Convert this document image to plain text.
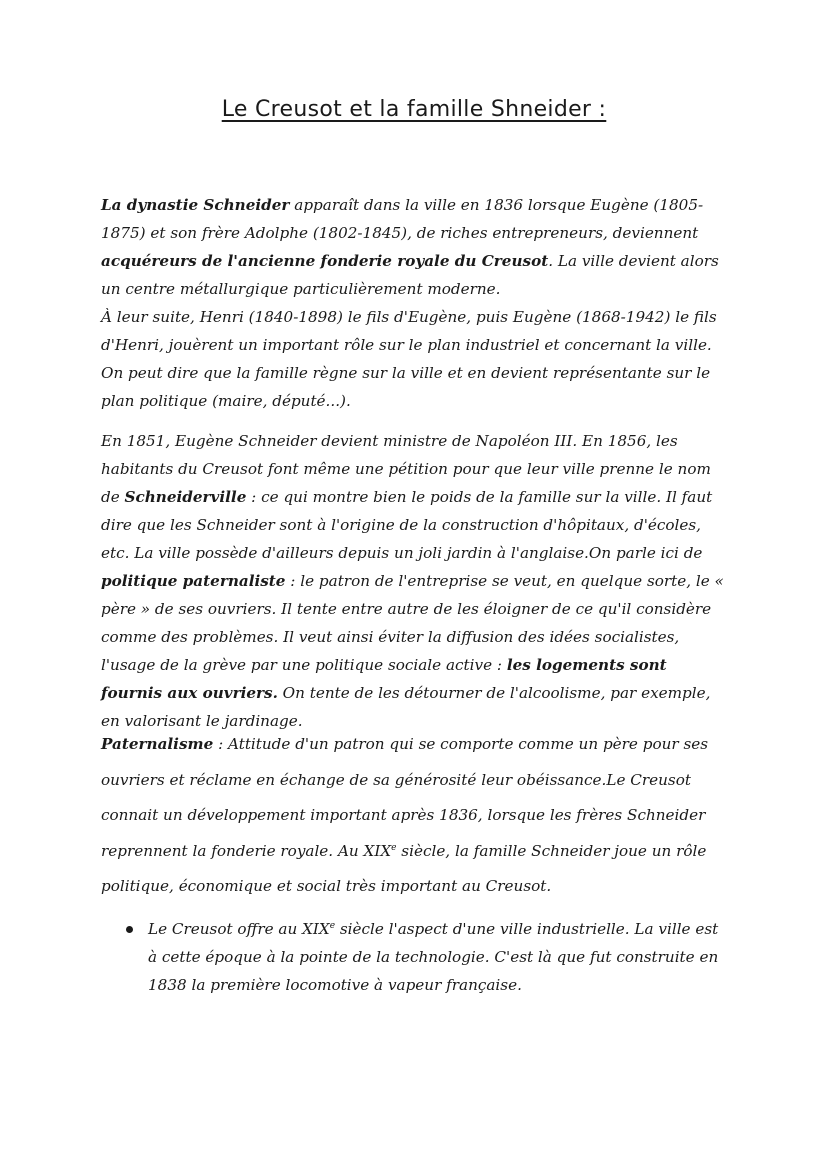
Le Creusot et la famille Shneider :

La dynastie Schneider apparaît dans la ville en 1836 lorsque Eugène (1805-1875) et son frère Adolphe (1802-1845), de riches entrepreneurs, deviennent acquéreurs de l'ancienne fonderie royale du Creusot. La ville devient alors un centre métallurgique particulièrement moderne.

À leur suite, Henri (1840-1898) le fils d'Eugène, puis Eugène (1868-1942) le fils d'Henri, jouèrent un important rôle sur le plan industriel et concernant la ville. On peut dire que la famille règne sur la ville et en devient représentante sur le plan politique (maire, député...).

En 1851, Eugène Schneider devient ministre de Napoléon III. En 1856, les habitants du Creusot font même une pétition pour que leur ville prenne le nom de Schneiderville : ce qui montre bien le poids de la famille sur la ville. Il faut dire que les Schneider sont à l'origine de la construction d'hôpitaux, d'écoles, etc. La ville possède d'ailleurs depuis un joli jardin à l'anglaise.On parle ici de politique paternaliste : le patron de l'entreprise se veut, en quelque sorte, le « père » de ses ouvriers. Il tente entre autre de les éloigner de ce qu'il considère comme des problèmes. Il veut ainsi éviter la diffusion des idées socialistes, l'usage de la grève par une politique sociale active : les logements sont fournis aux ouvriers. On tente de les détourner de l'alcoolisme, par exemple, en valorisant le jardinage.

Paternalisme : Attitude d'un patron qui se comporte comme un père pour ses ouvriers et réclame en échange de sa générosité leur obéissance.Le Creusot connait un développement important après 1836, lorsque les frères Schneider reprennent la fonderie royale. Au XIXe siècle, la famille Schneider joue un rôle politique, économique et social très important au Creusot.

Le Creusot offre au XIXe siècle l'aspect d'une ville industrielle. La ville est à cette époque à la pointe de la technologie. C'est là que fut construite en 1838 la première locomotive à vapeur française.
